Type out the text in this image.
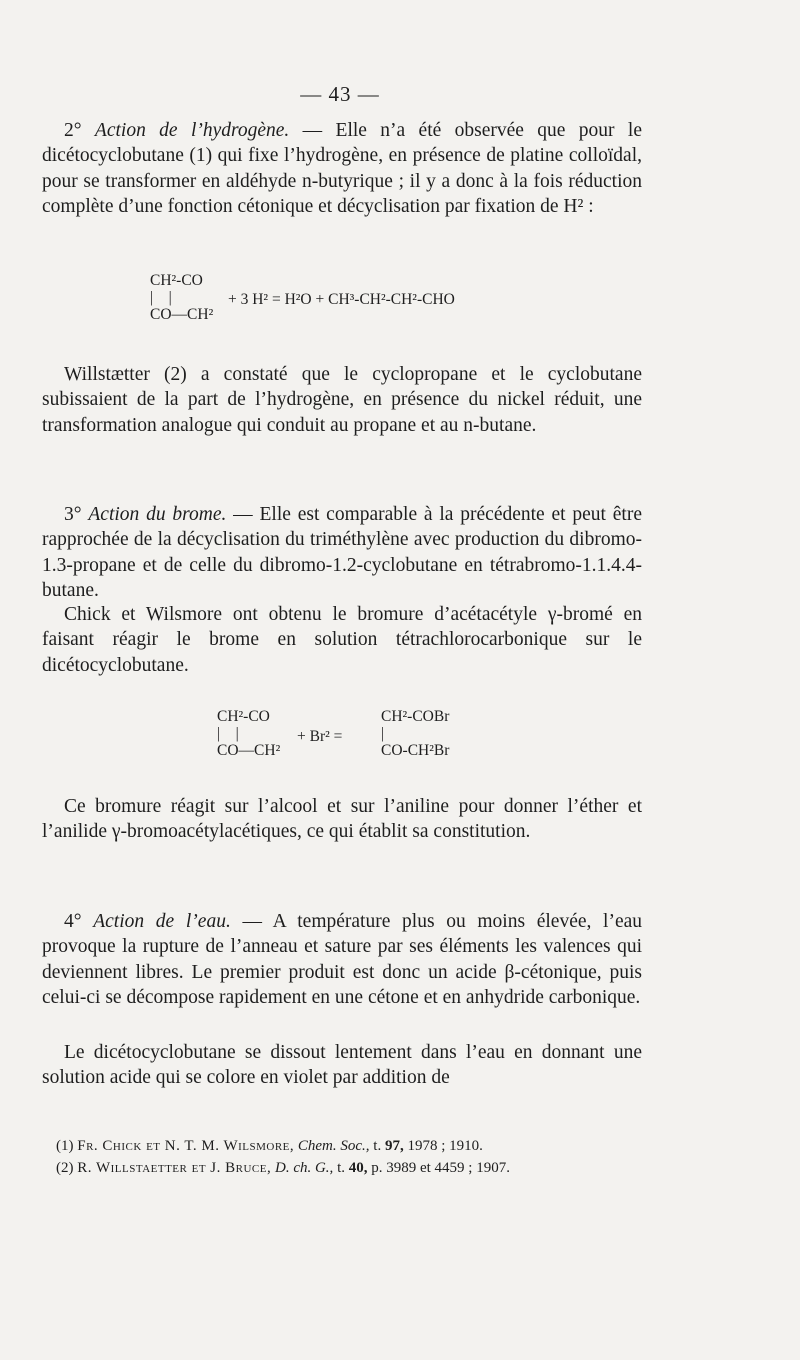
— 43 —
2° Action de l’hydrogène. — Elle n’a été observée que pour le dicétocyclobutane (1) qui fixe l’hydrogène, en présence de platine colloïdal, pour se transformer en aldéhyde n-butyrique ; il y a donc à la fois réduction complète d’une fonction cétonique et décyclisation par fixation de H² :
CH²-CO
|    |	+ 3 H² = H²O + CH³-CH²-CH²-CHO
CO—CH²
Willstætter (2) a constaté que le cyclopropane et le cyclobutane subissaient de la part de l’hydrogène, en présence du nickel réduit, une transformation analogue qui conduit au propane et au n-butane.
3° Action du brome. — Elle est comparable à la précédente et peut être rapprochée de la décyclisation du triméthylène avec production du dibromo-1.3-propane et de celle du dibromo-1.2-cyclobutane en tétrabromo-1.1.4.4-butane.
Chick et Wilsmore ont obtenu le bromure d’acétacétyle γ-bromé en faisant réagir le brome en solution tétrachlorocarbonique sur le dicétocyclobutane.
CH²-CO
|    |
CO—CH²
+ Br² =
CH²-COBr
|
CO-CH²Br
Ce bromure réagit sur l’alcool et sur l’aniline pour donner l’éther et l’anilide γ-bromoacétylacétiques, ce qui établit sa constitution.
4° Action de l’eau. — A température plus ou moins élevée, l’eau provoque la rupture de l’anneau et sature par ses éléments les valences qui deviennent libres. Le premier produit est donc un acide β-cétonique, puis celui-ci se décompose rapidement en une cétone et en anhydride carbonique.
Le dicétocyclobutane se dissout lentement dans l’eau en donnant une solution acide qui se colore en violet par addition de
(1) Fr. Chick et N. T. M. Wilsmore, Chem. Soc., t. 97, 1978 ; 1910.
(2) R. Willstaetter et J. Bruce, D. ch. G., t. 40, p. 3989 et 4459 ; 1907.
